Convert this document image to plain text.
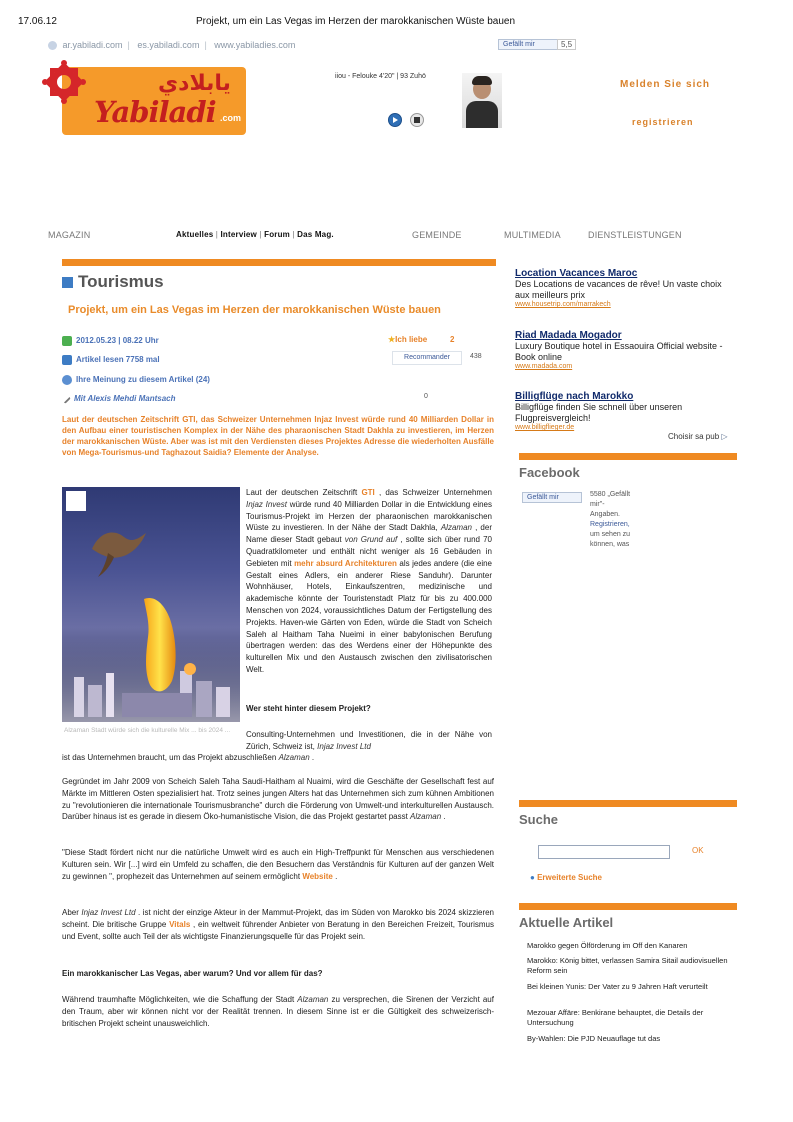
17.06.12	Projekt, um ein Las Vegas im Herzen der marokkanischen Wüste bauen
ar.yabiladi.com | es.yabiladi.com | www.yabiladies.com	Gefällt mir	5,5
يابلادي
Yabiladi .com
iiou - Felouke 4'20" | 93 Zuhö
Melden Sie sich
registrieren
MAGAZIN	Aktuelles | Interview | Forum | Das Mag.	GEMEINDE	MULTIMEDIA	DIENSTLEISTUNGEN
Tourismus
Projekt, um ein Las Vegas im Herzen der marokkanischen Wüste bauen
2012.05.23 | 08.22 Uhr
Artikel lesen 7758 mal
Ihre Meinung zu diesem Artikel (24)
Mit Alexis Mehdi Mantsach
★Ich liebe	2
Recommander	438
0
Laut der deutschen Zeitschrift GTI, das Schweizer Unternehmen Injaz Invest würde rund 40 Milliarden Dollar in den Aufbau einer touristischen Komplex in der Nähe des pharaonischen Stadt Dakhla zu investieren, im Herzen der marokkanischen Wüste. Aber was ist mit den Verdiensten dieses Projektes Adresse die wiederholten Ausfälle von Mega-Tourismus-und Taghazout Saidia? Elemente der Analyse.
Alzaman Stadt würde sich die kulturelle Mix ... bis 2024 ...
Laut der deutschen Zeitschrift GTI , das Schweizer Unternehmen Injaz Invest würde rund 40 Milliarden Dollar in die Entwicklung eines Tourismus-Projekt im Herzen der pharaonischen marokkanischen Wüste zu investieren. In der Nähe der Stadt Dakhla, Alzaman , der Name dieser Stadt gebaut von Grund auf , sollte sich über rund 70 Quadratkilometer und enthält nicht weniger als 16 Gebäuden in Gebieten mit mehr absurd Architekturen als jedes andere (die eine Gestalt eines Adlers, ein anderer Riese Sanduhr). Darunter Wohnhäuser, Hotels, Einkaufszentren, medizinische und akademische könnte der Touristenstadt Platz für bis zu 400.000 Menschen von 2024, voraussichtliches Datum der Fertigstellung des Projekts. Haven-wie Gärten von Eden, würde die Stadt von Scheich Saleh al Haitham Taha Nueimi in einer babylonischen Berufung übertragen werden: das des Werdens einer der Höhepunkte des kulturellen Mix und den Austausch zwischen den zivilisatorischen Welt.
Wer steht hinter diesem Projekt?
Consulting-Unternehmen und Investitionen, die in der Nähe von Zürich, Schweiz ist, Injaz Invest Ltd
ist das Unternehmen braucht, um das Projekt abzuschließen Alzaman .
Gegründet im Jahr 2009 von Scheich Saleh Taha Saudi-Haitham al Nuaimi, wird die Geschäfte der Gesellschaft fest auf Märkte im Mittleren Osten spezialisiert hat. Trotz seines jungen Alters hat das Unternehmen sich zum kühnen Ambitionen zu "revolutionieren die internationale Tourismusbranche" durch die Förderung von Umwelt-und interkulturellen Austausch. Darüber hinaus ist es gerade in diesem Öko-humanistische Vision, die das Projekt gestartet passt Alzaman .
"Diese Stadt fördert nicht nur die natürliche Umwelt wird es auch ein High-Treffpunkt für Menschen aus verschiedenen Kulturen sein. Wir [...] wird ein Umfeld zu schaffen, die den Besuchern das Verständnis für Kulturen auf der ganzen Welt zu gewinnen ", prophezeit das Unternehmen auf seinem ermöglicht Website .
Aber Injaz Invest Ltd . ist nicht der einzige Akteur in der Mammut-Projekt, das im Süden von Marokko bis 2024 skizzieren scheint. Die britische Gruppe Vitals , ein weltweit führender Anbieter von Beratung in den Bereichen Freizeit, Tourismus und Event, sollte auch Teil der als wichtigste Finanzierungsquelle für das Projekt sein.
Ein marokkanischer Las Vegas, aber warum? Und vor allem für das?
Während traumhafte Möglichkeiten, wie die Schaffung der Stadt Alzaman zu versprechen, die Sirenen der Verzicht auf den Traum, aber wir können nicht vor der Realität trennen. In diesem Sinne ist er die Gültigkeit des schweizerisch-britischen Projekt scheint unausweichlich.
Location Vacances Maroc
Des Locations de vacances de rêve! Un vaste choix aux meilleurs prix
www.housetrip.com/marrakech
Riad Madada Mogador
Luxury Boutique hotel in Essaouira Official website - Book online
www.madada.com
Billigflüge nach Marokko
Billigflüge finden Sie schnell über unseren Flugpreisvergleich!
www.billigflieger.de
Choisir sa pub ▷
Facebook
Gefällt mir	5580 „Gefällt
mir"-
Angaben.
Registrieren,
um sehen zu
können, was
Suche
OK
● Erweiterte Suche
Aktuelle Artikel
Marokko gegen Ölförderung im Off den Kanaren
Marokko: König bittet, verlassen Samira Sitail audiovisuellen Reform sein
Bei kleinen Yunis: Der Vater zu 9 Jahren Haft verurteilt
Mezouar Affäre: Benkirane behauptet, die Details der Untersuchung
By-Wahlen: Die PJD Neuauflage tut das
